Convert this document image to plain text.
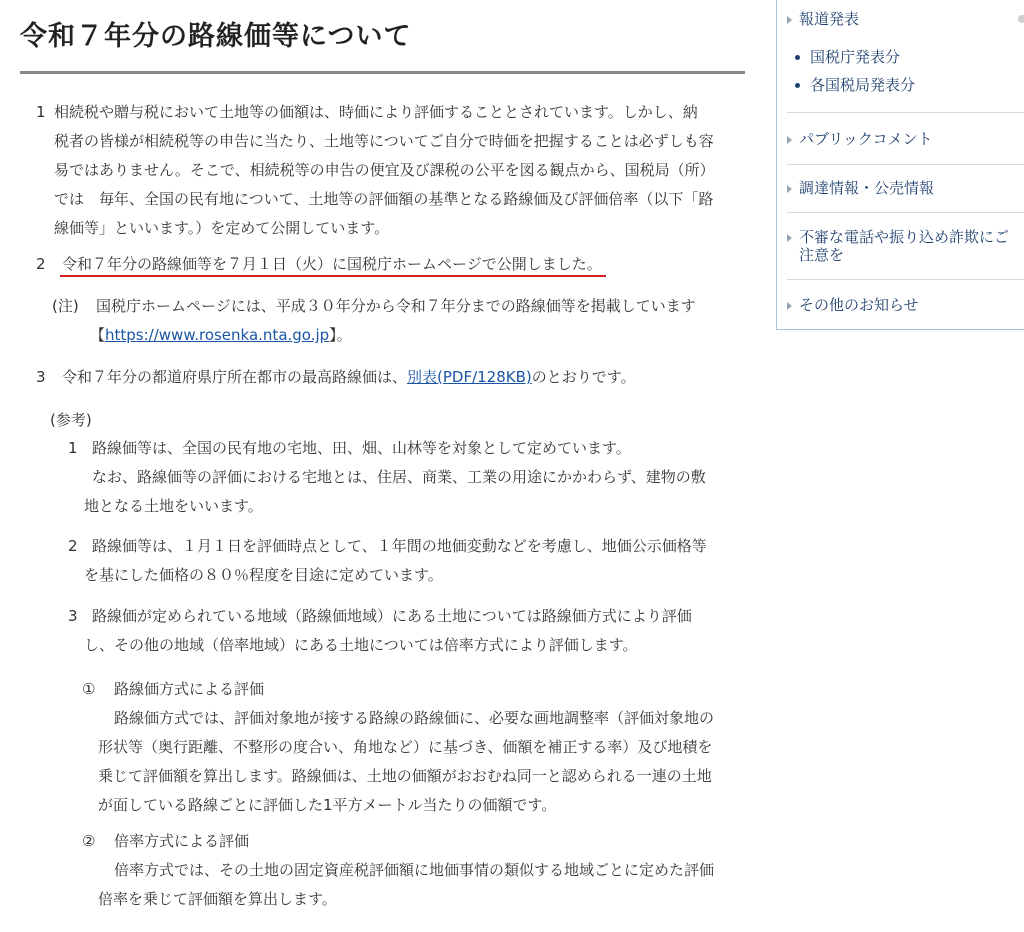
令和７年分の路線価等について
1 相続税や贈与税において土地等の価額は、時価により評価することとされています。しかし、納
税者の皆様が相続税等の申告に当たり、土地等についてご自分で時価を把握することは必ずしも容
易ではありません。そこで、相続税等の申告の便宜及び課税の公平を図る観点から、国税局（所）
では　毎年、全国の民有地について、土地等の評価額の基準となる路線価及び評価倍率（以下「路
線価等」といいます。）を定めて公開しています。
2 令和７年分の路線価等を７月１日（火）に国税庁ホームページで公開しました。
(注) 国税庁ホームページには、平成３０年分から令和７年分までの路線価等を掲載しています
【https://www.rosenka.nta.go.jp】。
3 令和７年分の都道府県庁所在都市の最高路線価は、別表(PDF/128KB)のとおりです。
(参考)
1 路線価等は、全国の民有地の宅地、田、畑、山林等を対象として定めています。
なお、路線価等の評価における宅地とは、住居、商業、工業の用途にかかわらず、建物の敷
地となる土地をいいます。
2 路線価等は、１月１日を評価時点として、１年間の地価変動などを考慮し、地価公示価格等
を基にした価格の８０％程度を目途に定めています。
3 路線価が定められている地域（路線価地域）にある土地については路線価方式により評価
し、その他の地域（倍率地域）にある土地については倍率方式により評価します。
① 路線価方式による評価
路線価方式では、評価対象地が接する路線の路線価に、必要な画地調整率（評価対象地の
形状等（奥行距離、不整形の度合い、角地など）に基づき、価額を補正する率）及び地積を
乗じて評価額を算出します。路線価は、土地の価額がおおむね同一と認められる一連の土地
が面している路線ごとに評価した1平方メートル当たりの価額です。
② 倍率方式による評価
倍率方式では、その土地の固定資産税評価額に地価事情の類似する地域ごとに定めた評価
倍率を乗じて評価額を算出します。
報道発表
国税庁発表分
各国税局発表分
パブリックコメント
調達情報・公売情報
不審な電話や振り込め詐欺にご
注意を
その他のお知らせ
